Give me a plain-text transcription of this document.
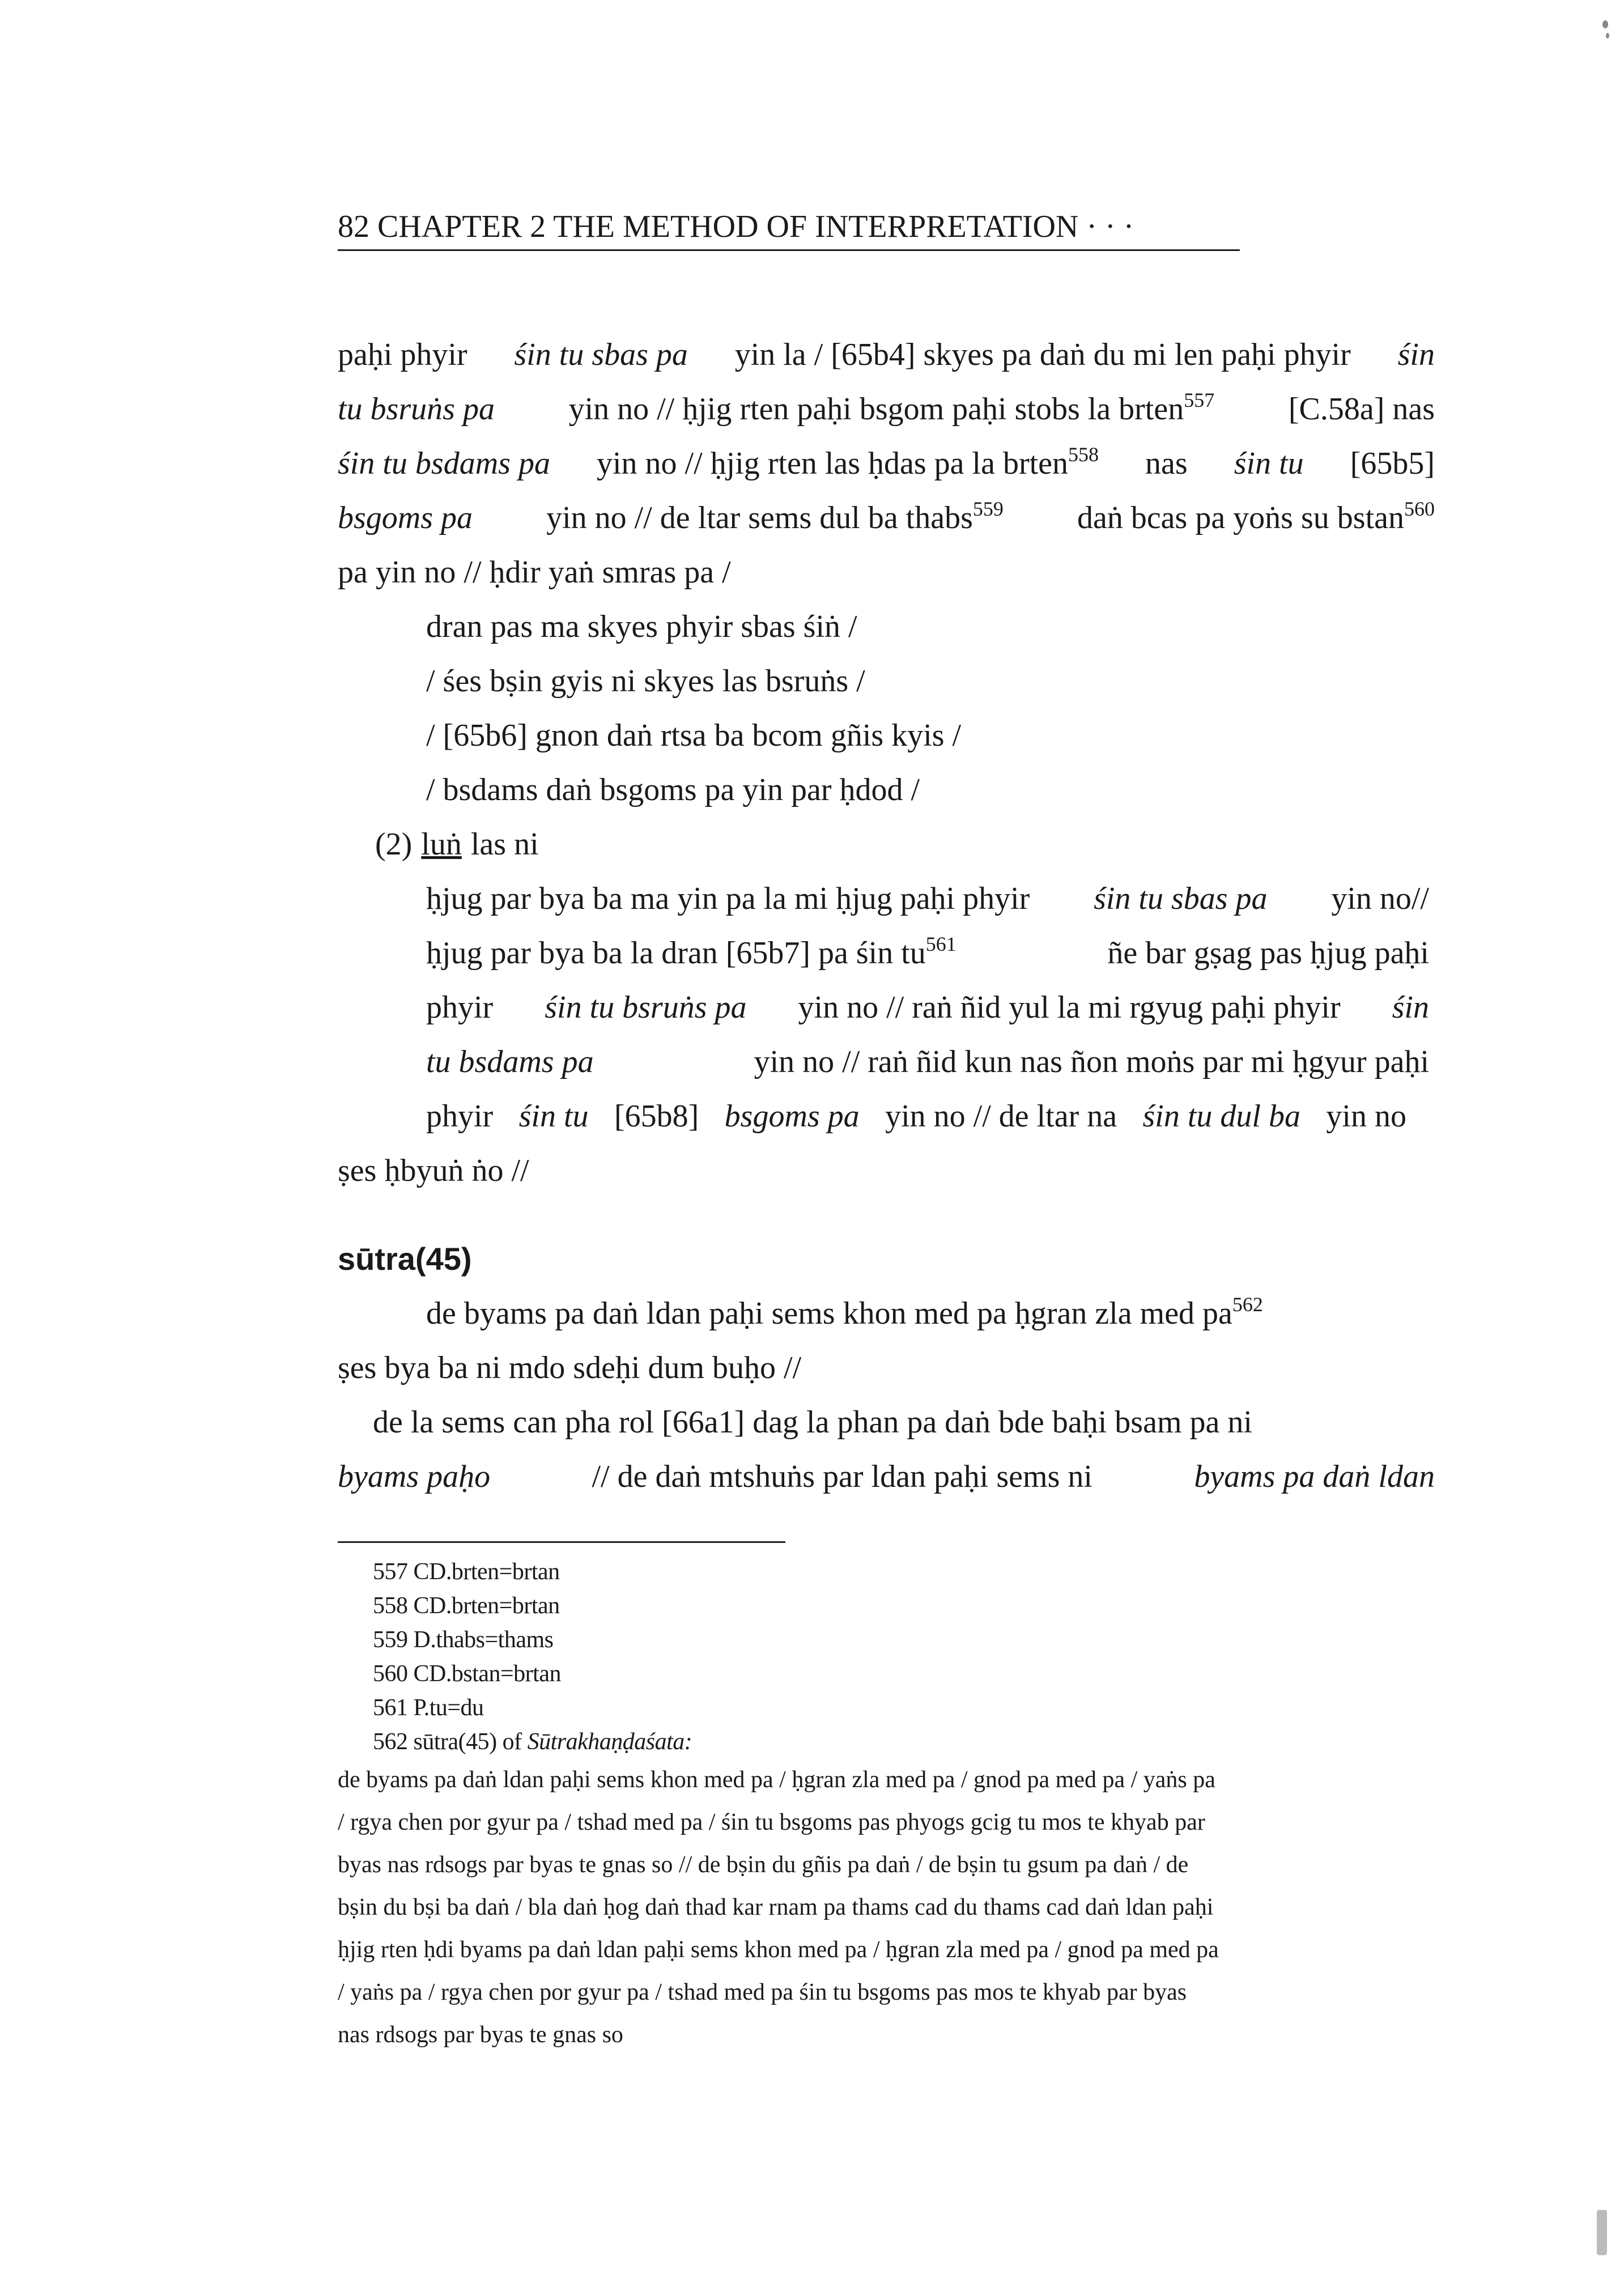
82 CHAPTER 2 THE METHOD OF INTERPRETATION · · ·
paḥi phyir śin tu sbas pa yin la / [65b4] skyes pa daṅ du mi len paḥi phyir śin
tu bsruṅs pa yin no // ḥjig rten paḥi bsgom paḥi stobs la brten$^{557}$ [C.58a] nas
śin tu bsdams pa yin no // ḥjig rten las ḥdas pa la brten$^{558}$ nas śin tu [65b5]
bsgoms pa yin no // de ltar sems dul ba thabs$^{559}$ daṅ bcas pa yoṅs su bstan$^{560}$
pa yin no // ḥdir yaṅ smras pa /
dran pas ma skyes phyir sbas śiṅ /
/ śes bṣin gyis ni skyes las bsruṅs /
/ [65b6] gnon daṅ rtsa ba bcom gñis kyis /
/ bsdams daṅ bsgoms pa yin par ḥdod /
(2) luṅ las ni
ḥjug par bya ba ma yin pa la mi ḥjug paḥi phyir śin tu sbas pa yin no//
ḥjug par bya ba la dran [65b7] pa śin $tu^{561}$	ñe bar gṣag pas ḥjug paḥi
phyir śin tu bsruṅs pa yin no // raṅ ñid yul la mi rgyug paḥi phyir śin
tu bsdams pa	yin no // raṅ ñid kun nas ñon moṅs par mi ḥgyur paḥi
phyir śin tu [65b8] bsgoms pa yin no // de ltar na śin tu dul ba yin no
ṣes ḥbyuṅ ṅo //
sūtra(45)
de byams pa daṅ ldan paḥi sems khon med pa ḥgran zla med $pa^{562}$
ṣes bya ba ni mdo sdeḥi dum buḥo //
de la sems can pha rol [66a1] dag la phan pa daṅ bde baḥi bsam pa ni
byams paḥo	// de daṅ mtshuṅs par ldan paḥi sems ni	byams pa daṅ ldan
557 CD.brten=brtan
558 CD.brten=brtan
559 D.thabs=thams
560 CD.bstan=brtan
561 P.tu=du
562 sūtra(45) of Sūtrakhaṇḍaśata:
de byams pa daṅ ldan paḥi sems khon med pa / ḥgran zla med pa / gnod pa med pa / yaṅs pa
/ rgya chen por gyur pa / tshad med pa / śin tu bsgoms pas phyogs gcig tu mos te khyab par
byas nas rdsogs par byas te gnas so // de bṣin du gñis pa daṅ / de bṣin tu gsum pa daṅ / de
bṣin du bṣi ba daṅ / bla daṅ ḥog daṅ thad kar rnam pa thams cad du thams cad daṅ ldan paḥi
ḥjig rten ḥdi byams pa daṅ ldan paḥi sems khon med pa / ḥgran zla med pa / gnod pa med pa
/ yaṅs pa / rgya chen por gyur pa / tshad med pa śin tu bsgoms pas mos te khyab par byas
nas rdsogs par byas te gnas so
